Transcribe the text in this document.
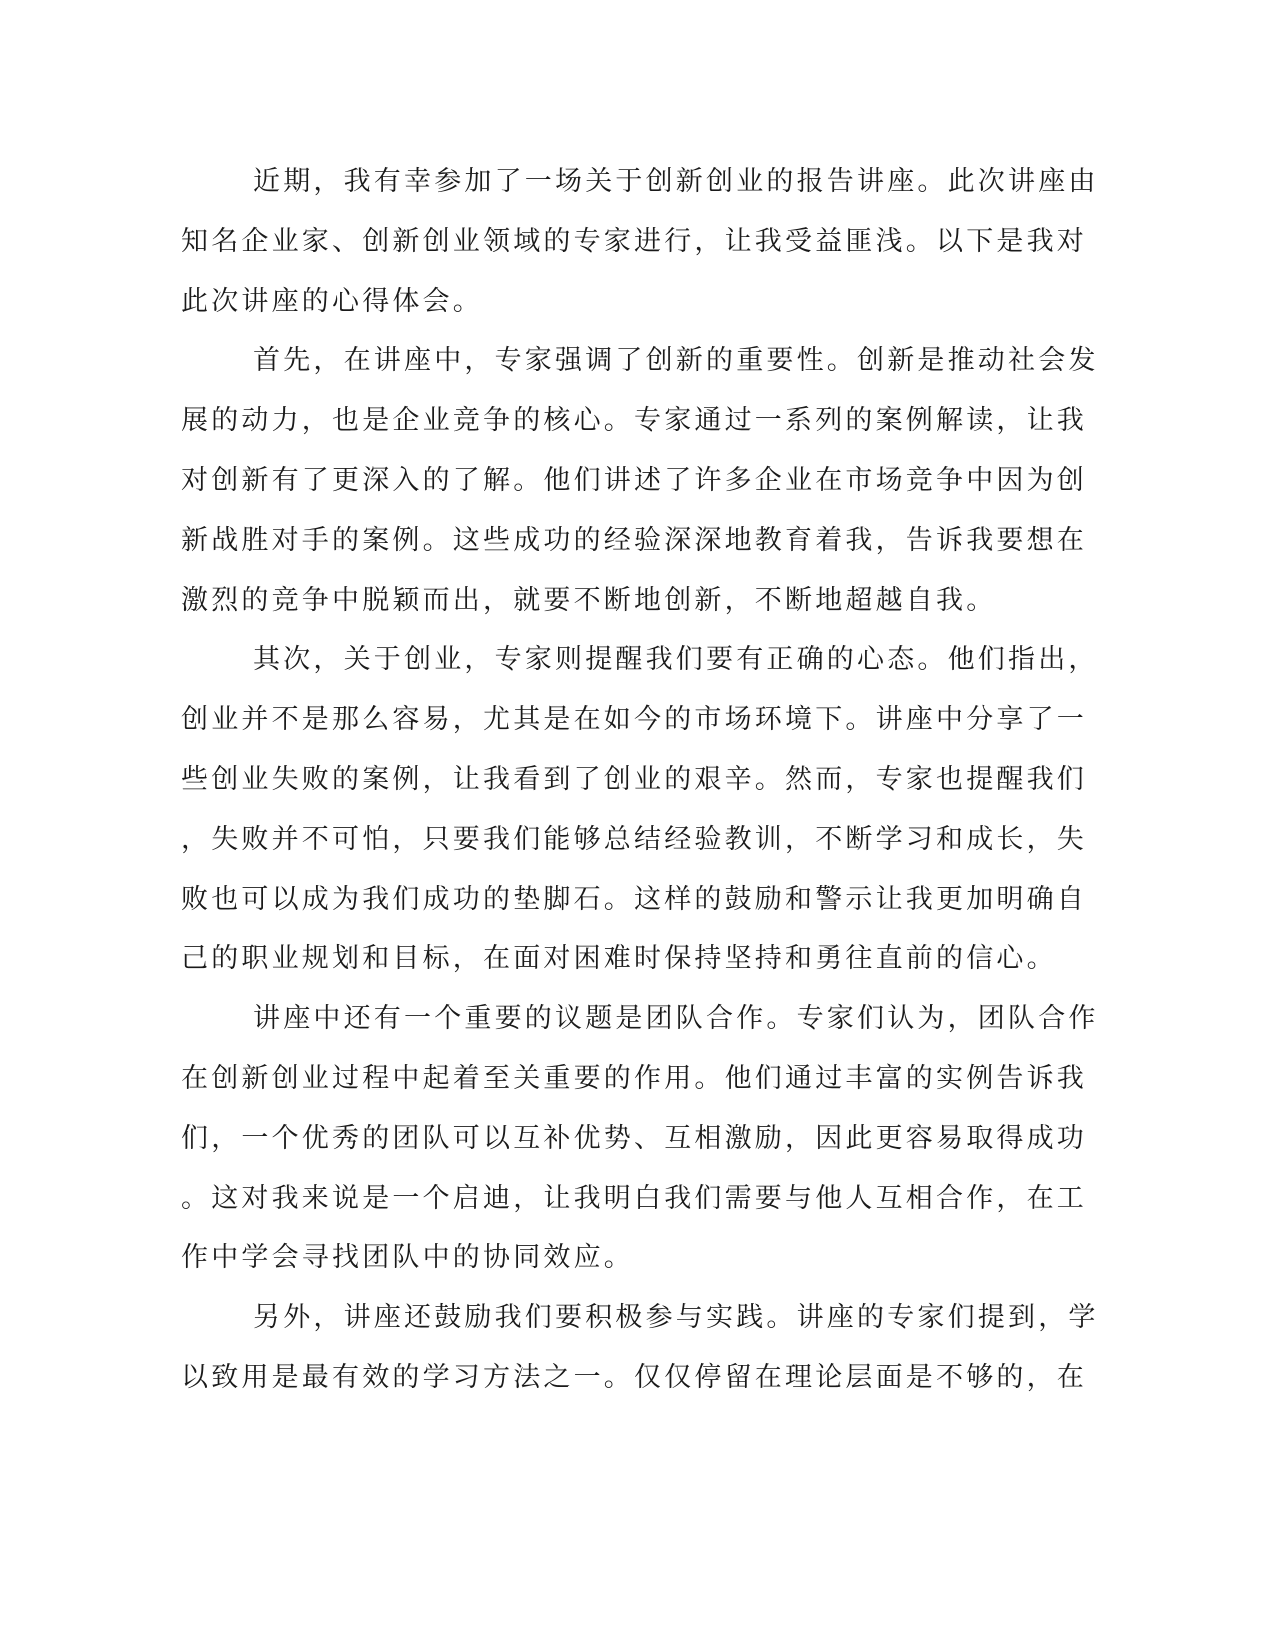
近期，我有幸参加了一场关于创新创业的报告讲座。此次讲座由
知名企业家、创新创业领域的专家进行，让我受益匪浅。以下是我对
此次讲座的心得体会。
首先，在讲座中，专家强调了创新的重要性。创新是推动社会发
展的动力，也是企业竞争的核心。专家通过一系列的案例解读，让我
对创新有了更深入的了解。他们讲述了许多企业在市场竞争中因为创
新战胜对手的案例。这些成功的经验深深地教育着我，告诉我要想在
激烈的竞争中脱颖而出，就要不断地创新，不断地超越自我。
其次，关于创业，专家则提醒我们要有正确的心态。他们指出，
创业并不是那么容易，尤其是在如今的市场环境下。讲座中分享了一
些创业失败的案例，让我看到了创业的艰辛。然而，专家也提醒我们
，失败并不可怕，只要我们能够总结经验教训，不断学习和成长，失
败也可以成为我们成功的垫脚石。这样的鼓励和警示让我更加明确自
己的职业规划和目标，在面对困难时保持坚持和勇往直前的信心。
讲座中还有一个重要的议题是团队合作。专家们认为，团队合作
在创新创业过程中起着至关重要的作用。他们通过丰富的实例告诉我
们，一个优秀的团队可以互补优势、互相激励，因此更容易取得成功
。这对我来说是一个启迪，让我明白我们需要与他人互相合作，在工
作中学会寻找团队中的协同效应。
另外，讲座还鼓励我们要积极参与实践。讲座的专家们提到，学
以致用是最有效的学习方法之一。仅仅停留在理论层面是不够的，在
